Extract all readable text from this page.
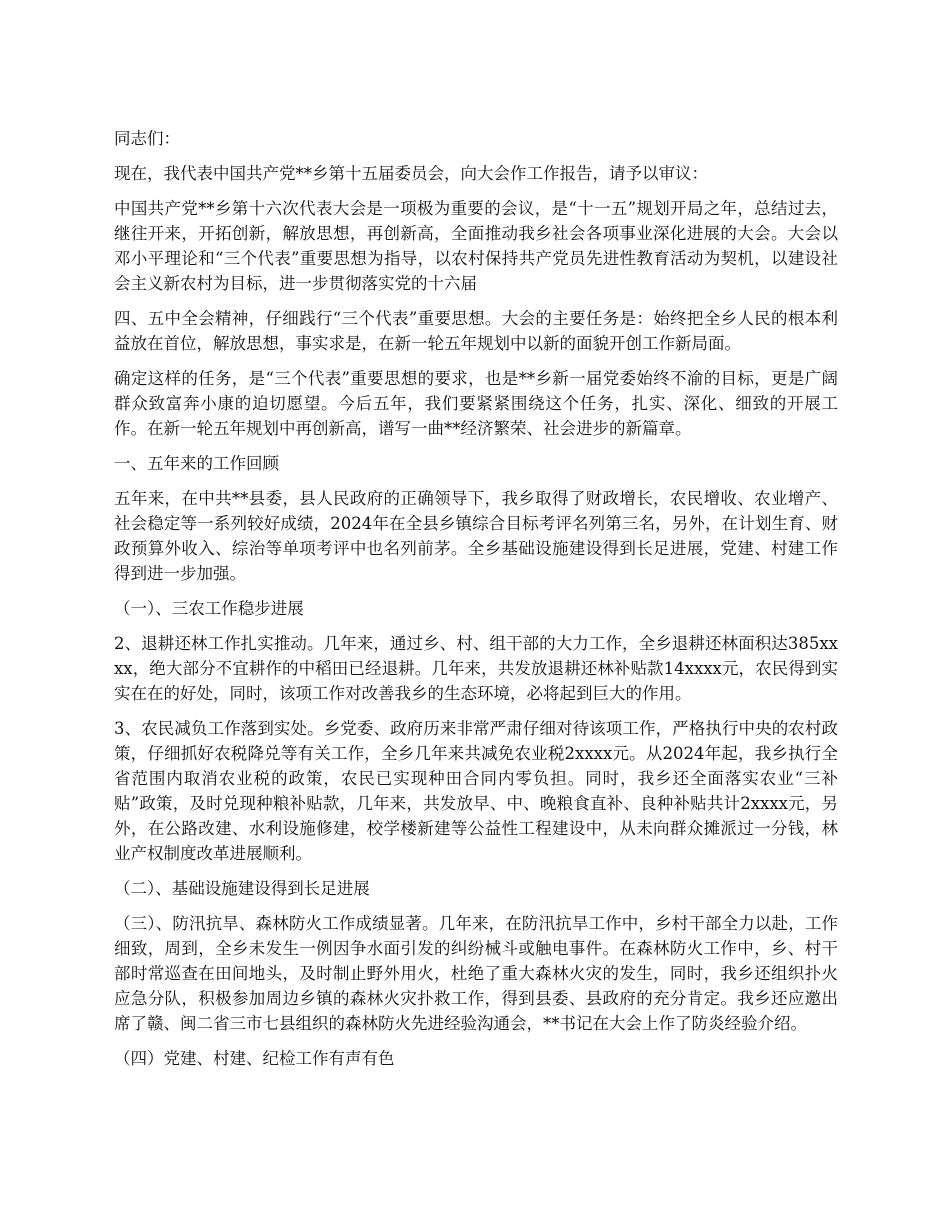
同志们：

现在，我代表中国共产党**乡第十五届委员会，向大会作工作报告，请予以审议：

中国共产党**乡第十六次代表大会是一项极为重要的会议，是“十一五”规划开局之年，总结过去，继往开来，开拓创新，解放思想，再创新高，全面推动我乡社会各项事业深化进展的大会。大会以邓小平理论和“三个代表”重要思想为指导，以农村保持共产党员先进性教育活动为契机，以建设社会主义新农村为目标，进一步贯彻落实党的十六届

四、五中全会精神，仔细践行“三个代表”重要思想。大会的主要任务是：始终把全乡人民的根本利益放在首位，解放思想，事实求是，在新一轮五年规划中以新的面貌开创工作新局面。

确定这样的任务，是“三个代表”重要思想的要求，也是**乡新一届党委始终不渝的目标，更是广阔群众致富奔小康的迫切愿望。今后五年，我们要紧紧围绕这个任务，扎实、深化、细致的开展工作。在新一轮五年规划中再创新高，谱写一曲**经济繁荣、社会进步的新篇章。

一、五年来的工作回顾

五年来，在中共**县委，县人民政府的正确领导下，我乡取得了财政增长，农民增收、农业增产、社会稳定等一系列较好成绩，2024年在全县乡镇综合目标考评名列第三名，另外，在计划生育、财政预算外收入、综治等单项考评中也名列前茅。全乡基础设施建设得到长足进展，党建、村建工作得到进一步加强。

（一）、三农工作稳步进展

2、退耕还林工作扎实推动。几年来，通过乡、村、组干部的大力工作，全乡退耕还林面积达385xxxx，绝大部分不宜耕作的中稻田已经退耕。几年来，共发放退耕还林补贴款14xxxx元，农民得到实实在在的好处，同时，该项工作对改善我乡的生态环境，必将起到巨大的作用。

3、农民减负工作落到实处。乡党委、政府历来非常严肃仔细对待该项工作，严格执行中央的农村政策，仔细抓好农税降兑等有关工作，全乡几年来共减免农业税2xxxx元。从2024年起，我乡执行全省范围内取消农业税的政策，农民已实现种田合同内零负担。同时，我乡还全面落实农业“三补贴”政策，及时兑现种粮补贴款，几年来，共发放早、中、晚粮食直补、良种补贴共计2xxxx元，另外，在公路改建、水利设施修建，校学楼新建等公益性工程建设中，从未向群众摊派过一分钱，林业产权制度改革进展顺利。

（二）、基础设施建设得到长足进展

（三）、防汛抗旱、森林防火工作成绩显著。几年来，在防汛抗旱工作中，乡村干部全力以赴，工作细致，周到，全乡未发生一例因争水面引发的纠纷械斗或触电事件。在森林防火工作中，乡、村干部时常巡查在田间地头，及时制止野外用火，杜绝了重大森林火灾的发生，同时，我乡还组织扑火应急分队，积极参加周边乡镇的森林火灾扑救工作，得到县委、县政府的充分肯定。我乡还应邀出席了赣、闽二省三市七县组织的森林防火先进经验沟通会，**书记在大会上作了防炎经验介绍。

（四）党建、村建、纪检工作有声有色
